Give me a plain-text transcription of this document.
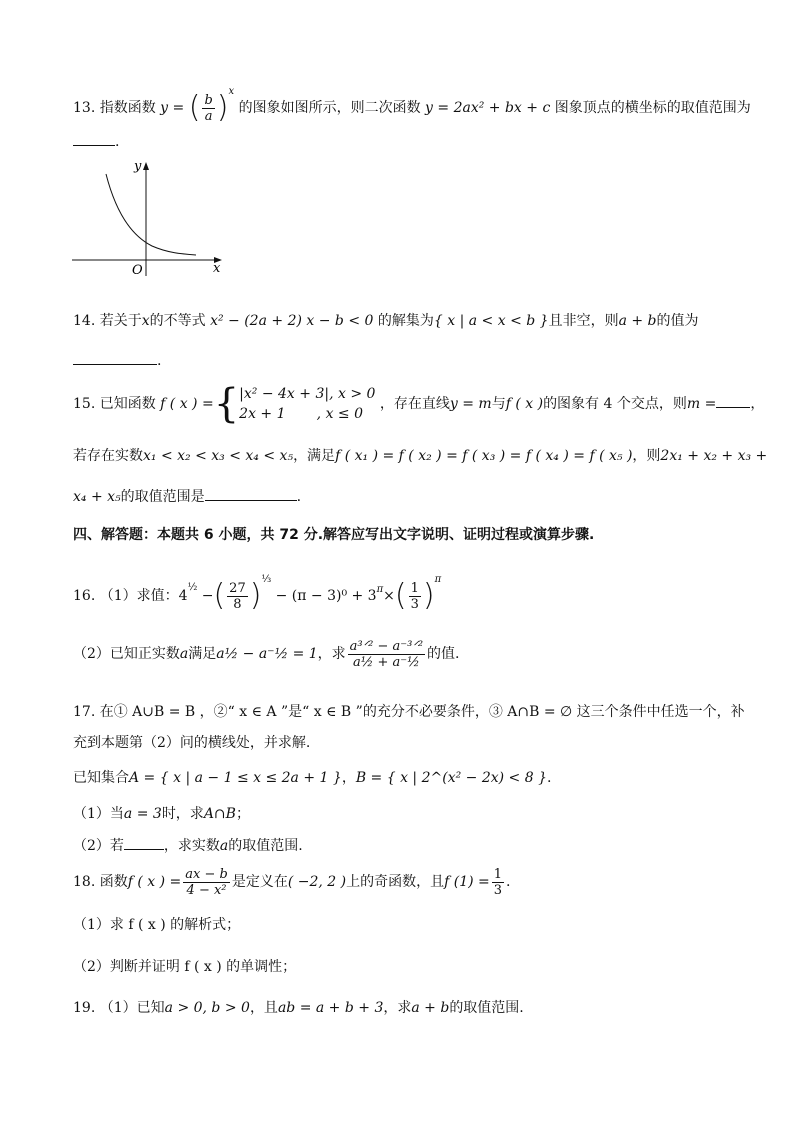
13. 指数函数 y = ( $\frac{b}{a} )^x$ 的图象如图所示，则二次函数 y = 2ax² + bx + c 图象顶点的横坐标的取值范围为
.
y
x
O
14. 若关于x的不等式 x² − (2a + 2) x − b < 0 的解集为{ x | a < x < b }且非空，则a + b的值为
.
15. 已知函数 f ( x ) ={ |x² − 4x + 3|, x > 0
2x + 1       , x ≤ 0
，存在直线y = m与f ( x )的图象有 4 个交点，则m = ，
若存在实数x₁ < x₂ < x₃ < x₄ < x₅，满足f ( x₁ ) = f ( x₂ ) = f ( x₃ ) = f ( x₄ ) = f ( x₅ )，则2x₁ + x₂ + x₃ +
x₄ + x₅的取值范围是	.
四、解答题：本题共 6 小题，共 72 分.解答应写出文字说明、证明过程或演算步骤.
16. （1）求值：$4^{\frac{1}{2}}$ −( $\frac{27}{8} )^{\frac{1}{3}} - (\pi - 3)^0 + 3^\pi\times( \frac{1}{3} )^\pi$
（2）已知正实数a满足a½ − a⁻½ = 1，求 $\frac{\text{a³ᐟ² − a⁻³ᐟ²}}{\text{a½ + a⁻½}}$ 的值.
17. 在① A∪B = B ，②“ x ∈ A ”是“ x ∈ B ”的充分不必要条件，③ A∩B = ∅ 这三个条件中任选一个，补
充到本题第（2）问的横线处，并求解.
已知集合A = { x | a − 1 ≤ x ≤ 2a + 1 }，B = { x | 2^(x² − 2x) < 8 }.
（1）当a = 3时，求A∩B；
（2）若	，求实数a的取值范围.
18. 函数f ( x ) = $\frac{ax - b}{\text{4 − x²}}$ 是定义在( −2, 2 )上的奇函数，且f $(1) = \frac{1}{3}$ .
（1）求 f ( x ) 的解析式；
（2）判断并证明 f ( x ) 的单调性；
19. （1）已知a > 0, b > 0，且ab = a + b + 3，求a + b的取值范围.
